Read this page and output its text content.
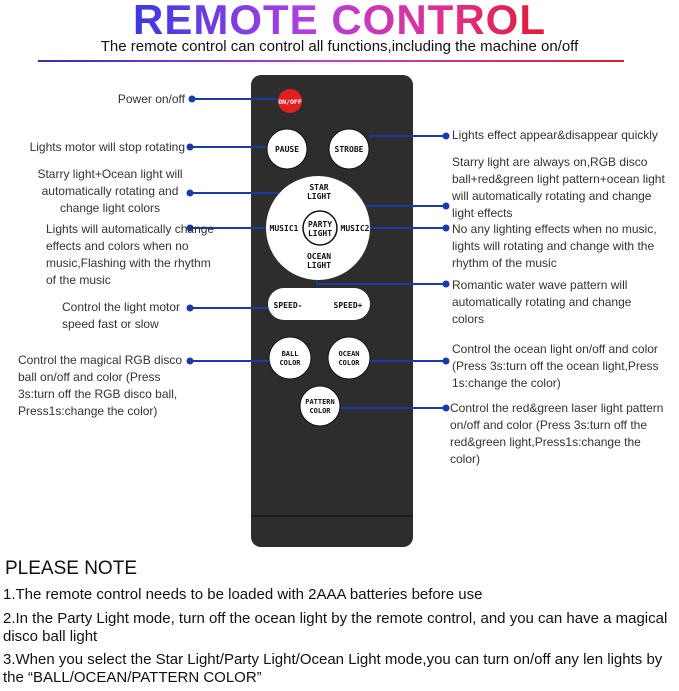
REMOTE CONTROL
The remote control can control all functions,including the machine on/off
ON/OFF
PAUSE	STROBE
STAR
LIGHT
MUSIC1	MUSIC2
PARTY
LIGHT
OCEAN
LIGHT
SPEED-	SPEED+
BALL
COLOR
OCEAN
COLOR
PATTERN
COLOR
Power on/off
Lights motor will stop rotating
Starry light+Ocean light will automatically rotating and change light colors
Lights will automatically change effects and colors when no music,Flashing with the rhythm of the music
Control the light motor speed fast or slow
Control the magical RGB disco ball on/off and color (Press 3s:turn off the RGB disco ball, Press1s:change the color)
Lights effect appear&disappear quickly
Starry light are always on,RGB disco ball+red&green light pattern+ocean light will automatically rotating and change light effects
No any lighting effects when no music, lights will rotating and change with the rhythm of the music
Romantic water wave pattern will automatically rotating and change colors
Control the ocean light on/off and color (Press 3s:turn off the ocean light,Press 1s:change the color)
Control the red&green laser light pattern on/off and color (Press 3s:turn off the red&green light,Press1s:change the color)
PLEASE NOTE
1.The remote control needs to be loaded with 2AAA batteries before use
2.In the Party Light mode, turn off the ocean light by the remote control, and you can have a magical disco ball light
3.When you select the Star Light/Party Light/Ocean Light mode,you can turn on/off any len lights by the “BALL/OCEAN/PATTERN COLOR”
